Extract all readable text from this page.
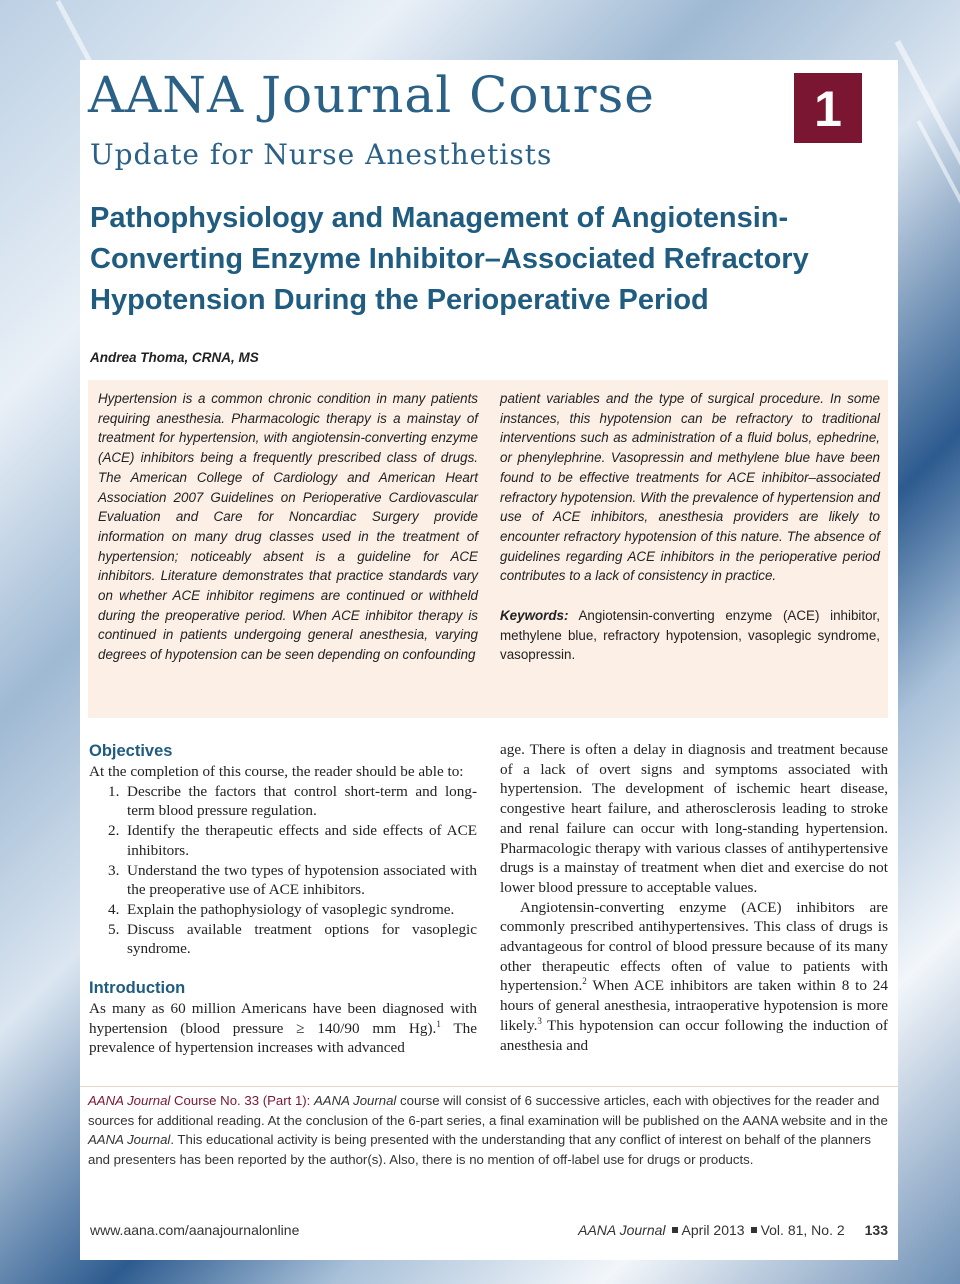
AANA Journal Course
Update for Nurse Anesthetists
1
Pathophysiology and Management of Angiotensin-Converting Enzyme Inhibitor–Associated Refractory Hypotension During the Perioperative Period
Andrea Thoma, CRNA, MS
Hypertension is a common chronic condition in many patients requiring anesthesia. Pharmacologic therapy is a mainstay of treatment for hypertension, with angiotensin-converting enzyme (ACE) inhibitors being a frequently prescribed class of drugs. The American College of Cardiology and American Heart Association 2007 Guidelines on Perioperative Cardiovascular Evaluation and Care for Noncardiac Surgery provide information on many drug classes used in the treatment of hypertension; noticeably absent is a guideline for ACE inhibitors. Literature demonstrates that practice standards vary on whether ACE inhibitor regimens are continued or withheld during the preoperative period. When ACE inhibitor therapy is continued in patients undergoing general anesthesia, varying degrees of hypotension can be seen depending on confounding
patient variables and the type of surgical procedure. In some instances, this hypotension can be refractory to traditional interventions such as administration of a fluid bolus, ephedrine, or phenylephrine. Vasopressin and methylene blue have been found to be effective treatments for ACE inhibitor–associated refractory hypotension. With the prevalence of hypertension and use of ACE inhibitors, anesthesia providers are likely to encounter refractory hypotension of this nature. The absence of guidelines regarding ACE inhibitors in the perioperative period contributes to a lack of consistency in practice.
Keywords: Angiotensin-converting enzyme (ACE) inhibitor, methylene blue, refractory hypotension, vasoplegic syndrome, vasopressin.
Objectives

At the completion of this course, the reader should be able to:

1. Describe the factors that control short-term and long-term blood pressure regulation.
2. Identify the therapeutic effects and side effects of ACE inhibitors.
3. Understand the two types of hypotension associated with the preoperative use of ACE inhibitors.
4. Explain the pathophysiology of vasoplegic syndrome.
5. Discuss available treatment options for vasoplegic syndrome.
Introduction

As many as 60 million Americans have been diagnosed with hypertension (blood pressure ≥ 140/90 mm Hg).$^1$ The prevalence of hypertension increases with advanced

age. There is often a delay in diagnosis and treatment because of a lack of overt signs and symptoms associated with hypertension. The development of ischemic heart disease, congestive heart failure, and atherosclerosis leading to stroke and renal failure can occur with long-standing hypertension. Pharmacologic therapy with various classes of antihypertensive drugs is a mainstay of treatment when diet and exercise do not lower blood pressure to acceptable values.

Angiotensin-converting enzyme (ACE) inhibitors are commonly prescribed antihypertensives. This class of drugs is advantageous for control of blood pressure because of its many other therapeutic effects often of value to patients with hypertension.$^2$ When ACE inhibitors are taken within 8 to 24 hours of general anesthesia, intraoperative hypotension is more likely.$^3$ This hypotension can occur following the induction of anesthesia and

AANA Journal Course No. 33 (Part 1): AANA Journal course will consist of 6 successive articles, each with objectives for the reader and sources for additional reading. At the conclusion of the 6-part series, a final examination will be published on the AANA website and in the AANA Journal. This educational activity is being presented with the understanding that any conflict of interest on behalf of the planners and presenters has been reported by the author(s). Also, there is no mention of off-label use for drugs or products.
www.aana.com/aanajournalonline	AANA Journal April 2013 Vol. 81, No. 2 133
